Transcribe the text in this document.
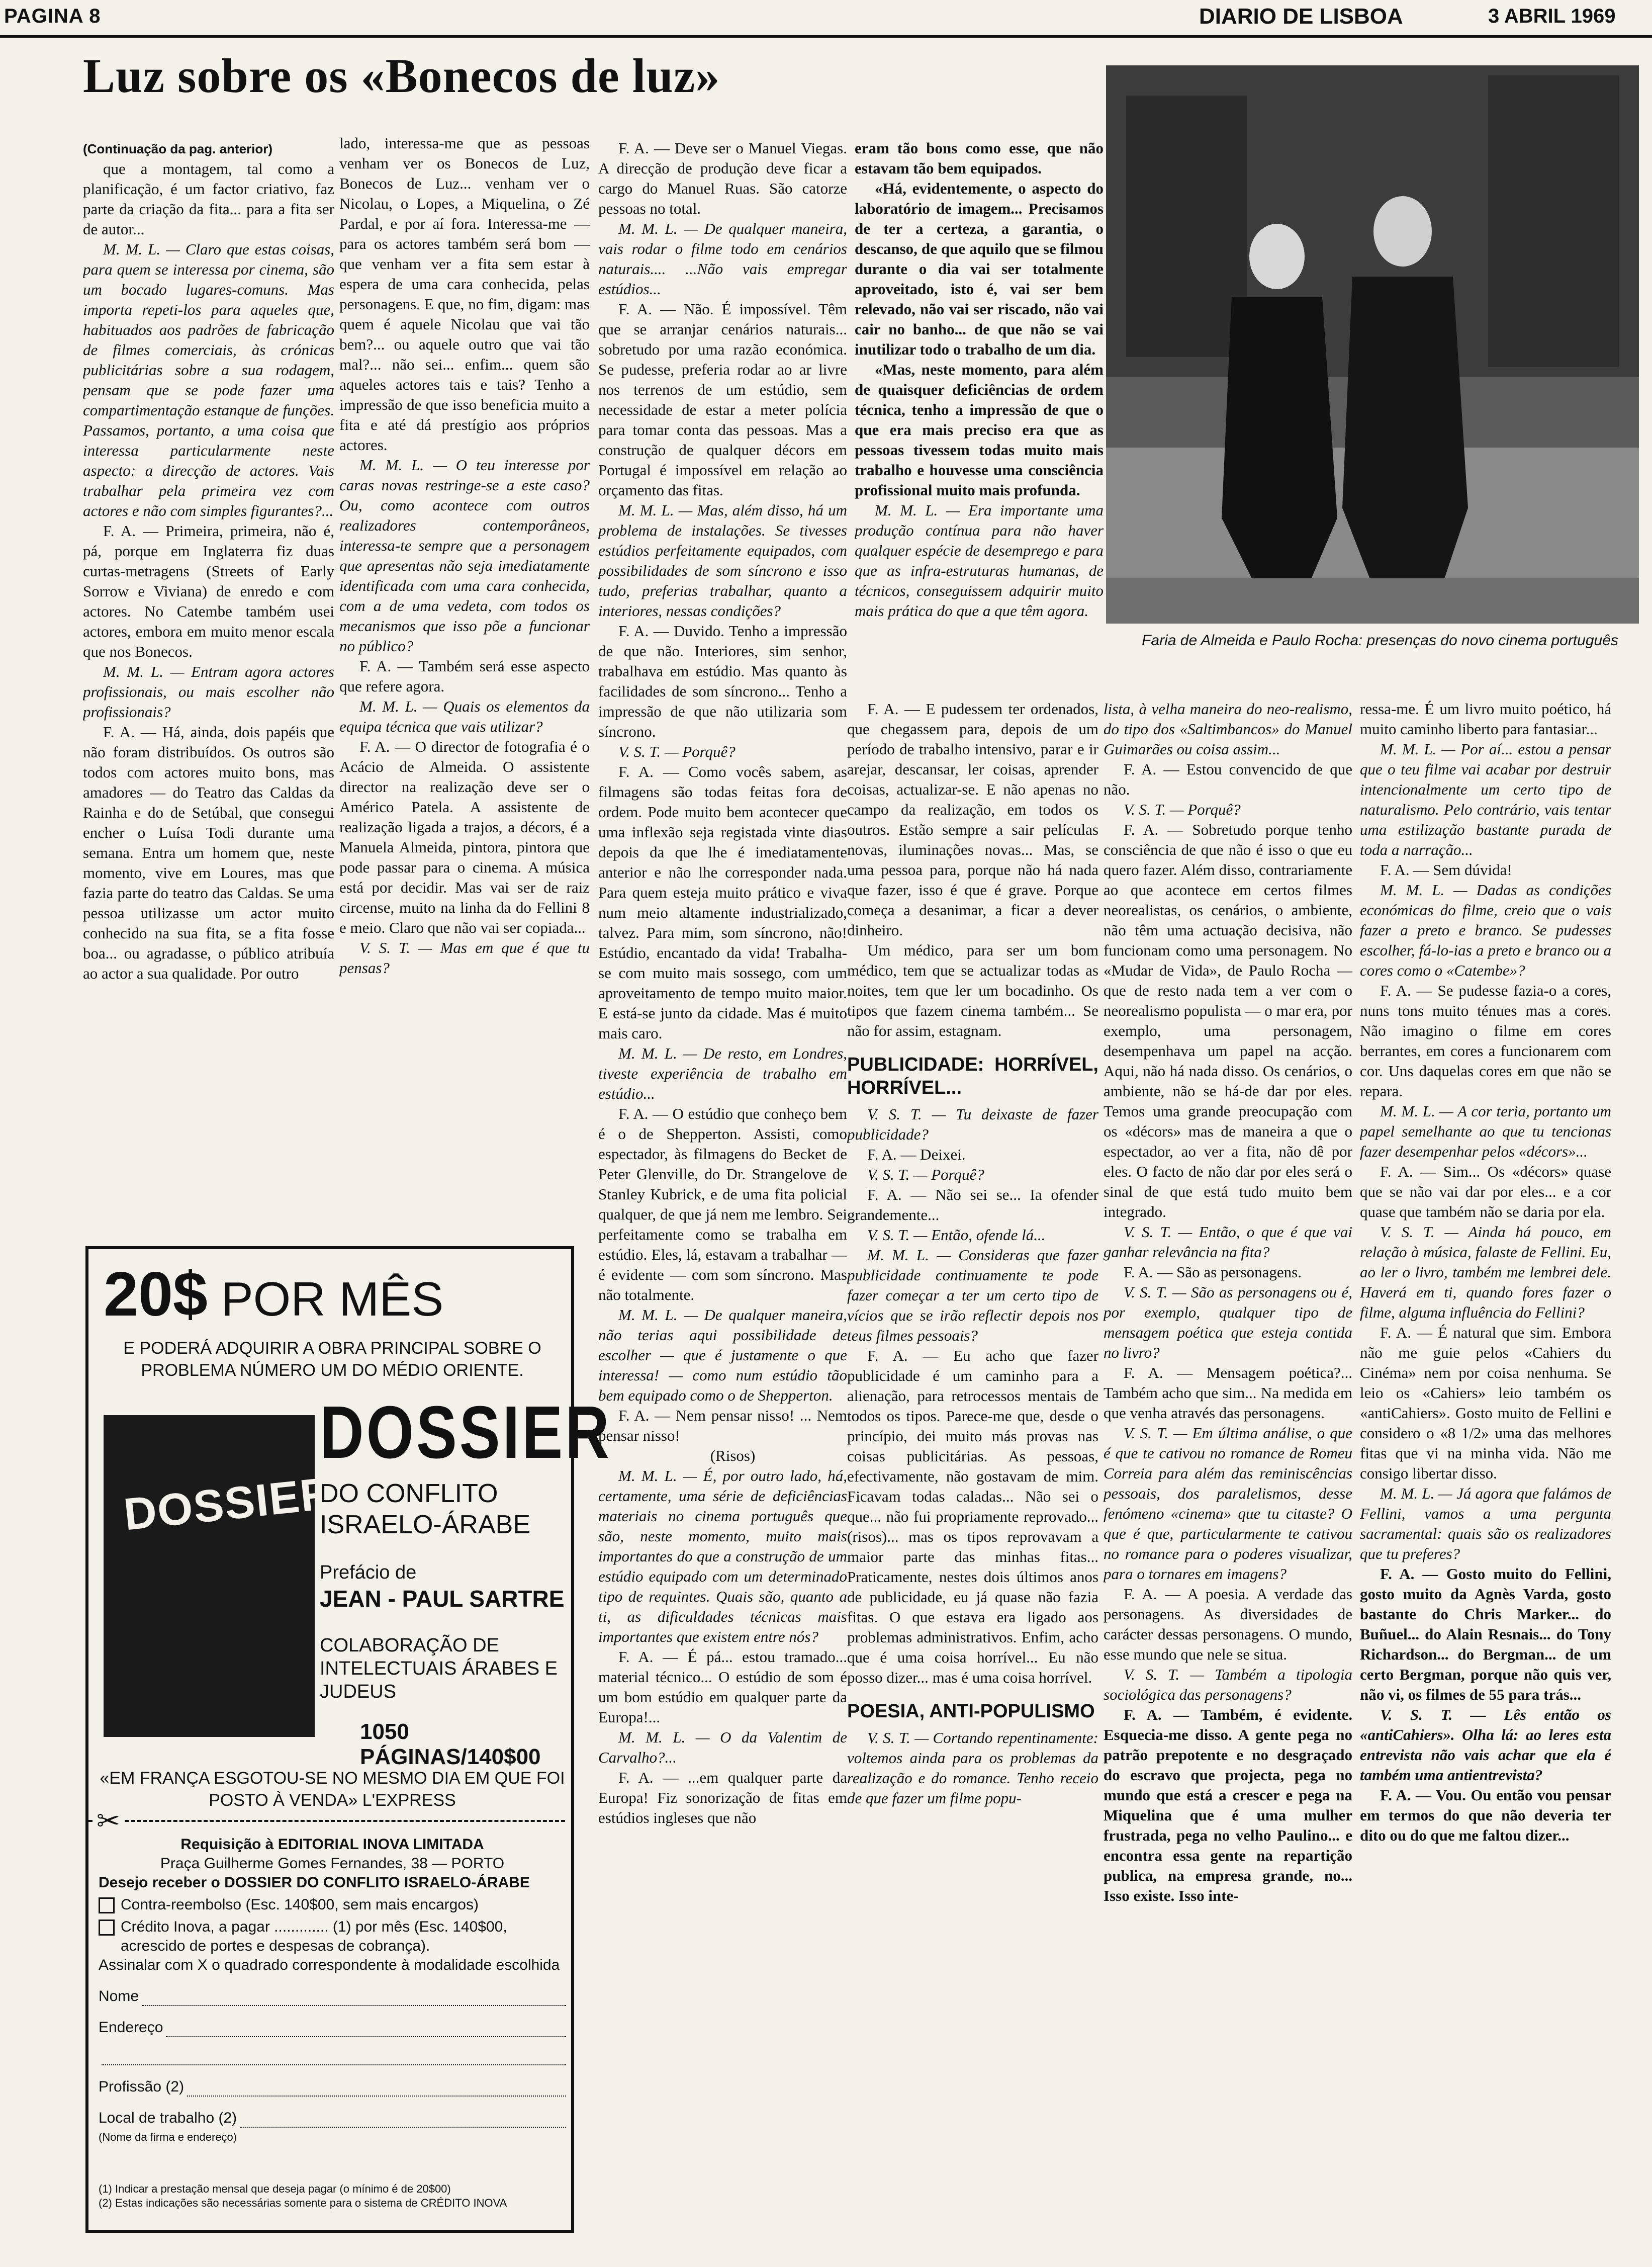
PAGINA 8	DIARIO DE LISBOA	3 ABRIL 1969
Luz sobre os «Bonecos de luz»

(Continuação da pag. anterior)

que a montagem, tal como a planificação, é um factor criativo, faz parte da criação da fita... para a fita ser de autor...

M. M. L. — Claro que estas coisas, para quem se interessa por cinema, são um bocado lugares-comuns. Mas importa repeti-los para aqueles que, habituados aos padrões de fabricação de filmes comerciais, às crónicas publicitárias sobre a sua rodagem, pensam que se pode fazer uma compartimentação estanque de funções. Passamos, portanto, a uma coisa que interessa particularmente neste aspecto: a direcção de actores. Vais trabalhar pela primeira vez com actores e não com simples figurantes?...

F. A. — Primeira, primeira, não é, pá, porque em Inglaterra fiz duas curtas-metragens (Streets of Early Sorrow e Viviana) de enredo e com actores. No Catembe também usei actores, embora em muito menor escala que nos Bonecos.

M. M. L. — Entram agora actores profissionais, ou mais escolher não profissionais?

F. A. — Há, ainda, dois papéis que não foram distribuídos. Os outros são todos com actores muito bons, mas amadores — do Teatro das Caldas da Rainha e do de Setúbal, que consegui encher o Luísa Todi durante uma semana. Entra um homem que, neste momento, vive em Loures, mas que fazia parte do teatro das Caldas. Se uma pessoa utilizasse um actor muito conhecido na sua fita, se a fita fosse boa... ou agradasse, o público atribuía ao actor a sua qualidade. Por outro

lado, interessa-me que as pessoas venham ver os Bonecos de Luz, Bonecos de Luz... venham ver o Nicolau, o Lopes, a Miquelina, o Zé Pardal, e por aí fora. Interessa-me — para os actores também será bom — que venham ver a fita sem estar à espera de uma cara conhecida, pelas personagens. E que, no fim, digam: mas quem é aquele Nicolau que vai tão bem?... ou aquele outro que vai tão mal?... não sei... enfim... quem são aqueles actores tais e tais? Tenho a impressão de que isso beneficia muito a fita e até dá prestígio aos próprios actores.

M. M. L. — O teu interesse por caras novas restringe-se a este caso? Ou, como acontece com outros realizadores contemporâneos, interessa-te sempre que a personagem que apresentas não seja imediatamente identificada com uma cara conhecida, com a de uma vedeta, com todos os mecanismos que isso põe a funcionar no público?

F. A. — Também será esse aspecto que refere agora.

M. M. L. — Quais os elementos da equipa técnica que vais utilizar?

F. A. — O director de fotografia é o Acácio de Almeida. O assistente director na realização deve ser o Américo Patela. A assistente de realização ligada a trajos, a décors, é a Manuela Almeida, pintora, pintora que pode passar para o cinema. A música está por decidir. Mas vai ser de raiz circense, muito na linha da do Fellini 8 e meio. Claro que não vai ser copiada...

V. S. T. — Mas em que é que tu pensas?

F. A. — Deve ser o Manuel Viegas. A direcção de produção deve ficar a cargo do Manuel Ruas. São catorze pessoas no total.

M. M. L. — De qualquer maneira, vais rodar o filme todo em cenários naturais.... ...Não vais empregar estúdios...

F. A. — Não. É impossível. Têm que se arranjar cenários naturais... sobretudo por uma razão económica. Se pudesse, preferia rodar ao ar livre nos terrenos de um estúdio, sem necessidade de estar a meter polícia para tomar conta das pessoas. Mas a construção de qualquer décors em Portugal é impossível em relação ao orçamento das fitas.

M. M. L. — Mas, além disso, há um problema de instalações. Se tivesses estúdios perfeitamente equipados, com possibilidades de som síncrono e isso tudo, preferias trabalhar, quanto a interiores, nessas condições?

F. A. — Duvido. Tenho a impressão de que não. Interiores, sim senhor, trabalhava em estúdio. Mas quanto às facilidades de som síncrono... Tenho a impressão de que não utilizaria som síncrono.

V. S. T. — Porquê?

F. A. — Como vocês sabem, as filmagens são todas feitas fora de ordem. Pode muito bem acontecer que uma inflexão seja registada vinte dias depois da que lhe é imediatamente anterior e não lhe corresponder nada. Para quem esteja muito prático e viva num meio altamente industrializado, talvez. Para mim, som síncrono, não! Estúdio, encantado da vida! Trabalha-se com muito mais sossego, com um aproveitamento de tempo muito maior. E está-se junto da cidade. Mas é muito mais caro.

M. M. L. — De resto, em Londres, tiveste experiência de trabalho em estúdio...

F. A. — O estúdio que conheço bem é o de Shepperton. Assisti, como espectador, às filmagens do Becket de Peter Glenville, do Dr. Strangelove de Stanley Kubrick, e de uma fita policial qualquer, de que já nem me lembro. Sei perfeitamente como se trabalha em estúdio. Eles, lá, estavam a trabalhar — é evidente — com som síncrono. Mas não totalmente.

M. M. L. — De qualquer maneira, não terias aqui possibilidade de escolher — que é justamente o que interessa! — como num estúdio tão bem equipado como o de Shepperton.

F. A. — Nem pensar nisso! ... Nem pensar nisso!

(Risos)

M. M. L. — É, por outro lado, há, certamente, uma série de deficiências materiais no cinema português que são, neste momento, muito mais importantes do que a construção de um estúdio equipado com um determinado tipo de requintes. Quais são, quanto a ti, as dificuldades técnicas mais importantes que existem entre nós?

F. A. — É pá... estou tramado... material técnico... O estúdio de som é um bom estúdio em qualquer parte da Europa!...

M. M. L. — O da Valentim de Carvalho?...

F. A. — ...em qualquer parte da Europa! Fiz sonorização de fitas em estúdios ingleses que não

eram tão bons como esse, que não estavam tão bem equipados.

«Há, evidentemente, o aspecto do laboratório de imagem... Precisamos de ter a certeza, a garantia, o descanso, de que aquilo que se filmou durante o dia vai ser totalmente aproveitado, isto é, vai ser bem relevado, não vai ser riscado, não vai cair no banho... de que não se vai inutilizar todo o trabalho de um dia.

«Mas, neste momento, para além de quaisquer deficiências de ordem técnica, tenho a impressão de que o que era mais preciso era que as pessoas tivessem todas muito mais trabalho e houvesse uma consciência profissional muito mais profunda.

M. M. L. — Era importante uma produção contínua para não haver qualquer espécie de desemprego e para que as infra-estruturas humanas, de técnicos, conseguissem adquirir muito mais prática do que a que têm agora.

Faria de Almeida e Paulo Rocha: presenças do novo cinema português

F. A. — E pudessem ter ordenados, que chegassem para, depois de um período de trabalho intensivo, parar e ir arejar, descansar, ler coisas, aprender coisas, actualizar-se. E não apenas no campo da realização, em todos os outros. Estão sempre a sair películas novas, iluminações novas... Mas, se uma pessoa para, porque não há nada que fazer, isso é que é grave. Porque começa a desanimar, a ficar a dever dinheiro.

Um médico, para ser um bom médico, tem que se actualizar todas as noites, tem que ler um bocadinho. Os tipos que fazem cinema também... Se não for assim, estagnam.

PUBLICIDADE: HORRÍVEL, HORRÍVEL...

V. S. T. — Tu deixaste de fazer publicidade?

F. A. — Deixei.

V. S. T. — Porquê?

F. A. — Não sei se... Ia ofender grandemente...

V. S. T. — Então, ofende lá...

M. M. L. — Consideras que fazer publicidade continuamente te pode fazer começar a ter um certo tipo de vícios que se irão reflectir depois nos teus filmes pessoais?

F. A. — Eu acho que fazer publicidade é um caminho para a alienação, para retrocessos mentais de todos os tipos. Parece-me que, desde o princípio, dei muito más provas nas coisas publicitárias. As pessoas, efectivamente, não gostavam de mim. Ficavam todas caladas... Não sei o que... não fui propriamente reprovado... (risos)... mas os tipos reprovavam a maior parte das minhas fitas... Praticamente, nestes dois últimos anos de publicidade, eu já quase não fazia fitas. O que estava era ligado aos problemas administrativos. Enfim, acho que é uma coisa horrível... Eu não posso dizer... mas é uma coisa horrível.

POESIA, ANTI-POPULISMO

V. S. T. — Cortando repentinamente: voltemos ainda para os problemas da realização e do romance. Tenho receio de que fazer um filme popu-

lista, à velha maneira do neo-realismo, do tipo dos «Saltimbancos» do Manuel Guimarães ou coisa assim...

F. A. — Estou convencido de que não.

V. S. T. — Porquê?

F. A. — Sobretudo porque tenho consciência de que não é isso o que eu quero fazer. Além disso, contrariamente ao que acontece em certos filmes neorealistas, os cenários, o ambiente, não têm uma actuação decisiva, não funcionam como uma personagem. No «Mudar de Vida», de Paulo Rocha — que de resto nada tem a ver com o neorealismo populista — o mar era, por exemplo, uma personagem, desempenhava um papel na acção. Aqui, não há nada disso. Os cenários, o ambiente, não se há-de dar por eles. Temos uma grande preocupação com os «décors» mas de maneira a que o espectador, ao ver a fita, não dê por eles. O facto de não dar por eles será o sinal de que está tudo muito bem integrado.

V. S. T. — Então, o que é que vai ganhar relevância na fita?

F. A. — São as personagens.

V. S. T. — São as personagens ou é, por exemplo, qualquer tipo de mensagem poética que esteja contida no livro?

F. A. — Mensagem poética?... Também acho que sim... Na medida em que venha através das personagens.

V. S. T. — Em última análise, o que é que te cativou no romance de Romeu Correia para além das reminiscências pessoais, dos paralelismos, desse fenómeno «cinema» que tu citaste? O que é que, particularmente te cativou no romance para o poderes visualizar, para o tornares em imagens?

F. A. — A poesia. A verdade das personagens. As diversidades de carácter dessas personagens. O mundo, esse mundo que nele se situa.

V. S. T. — Também a tipologia sociológica das personagens?

F. A. — Também, é evidente. Esquecia-me disso. A gente pega no patrão prepotente e no desgraçado do escravo que projecta, pega no mundo que está a crescer e pega na Miquelina que é uma mulher frustrada, pega no velho Paulino... e encontra essa gente na repartição publica, na empresa grande, no... Isso existe. Isso inte-

ressa-me. É um livro muito poético, há muito caminho liberto para fantasiar...

M. M. L. — Por aí... estou a pensar que o teu filme vai acabar por destruir intencionalmente um certo tipo de naturalismo. Pelo contrário, vais tentar uma estilização bastante purada de toda a narração...

F. A. — Sem dúvida!

M. M. L. — Dadas as condições económicas do filme, creio que o vais fazer a preto e branco. Se pudesses escolher, fá-lo-ias a preto e branco ou a cores como o «Catembe»?

F. A. — Se pudesse fazia-o a cores, nuns tons muito ténues mas a cores. Não imagino o filme em cores berrantes, em cores a funcionarem com cor. Uns daquelas cores em que não se repara.

M. M. L. — A cor teria, portanto um papel semelhante ao que tu tencionas fazer desempenhar pelos «décors»...

F. A. — Sim... Os «décors» quase que se não vai dar por eles... e a cor quase que também não se daria por ela.

V. S. T. — Ainda há pouco, em relação à música, falaste de Fellini. Eu, ao ler o livro, também me lembrei dele. Haverá em ti, quando fores fazer o filme, alguma influência do Fellini?

F. A. — É natural que sim. Embora não me guie pelos «Cahiers du Cinéma» nem por coisa nenhuma. Se leio os «Cahiers» leio também os «antiCahiers». Gosto muito de Fellini e considero o «8 1/2» uma das melhores fitas que vi na minha vida. Não me consigo libertar disso.

M. M. L. — Já agora que falámos de Fellini, vamos a uma pergunta sacramental: quais são os realizadores que tu preferes?

F. A. — Gosto muito do Fellini, gosto muito da Agnès Varda, gosto bastante do Chris Marker... do Buñuel... do Alain Resnais... do Tony Richardson... do Bergman... de um certo Bergman, porque não quis ver, não vi, os filmes de 55 para trás...

V. S. T. — Lês então os «antiCahiers». Olha lá: ao leres esta entrevista não vais achar que ela é também uma antientrevista?

F. A. — Vou. Ou então vou pensar em termos do que não deveria ter dito ou do que me faltou dizer...

20$ POR MÊS
E PODERÁ ADQUIRIR A OBRA PRINCIPAL SOBRE O PROBLEMA NÚMERO UM DO MÉDIO ORIENTE.
DOSSIER
DOSSIER
DO CONFLITO ISRAELO-ÁRABE
Prefácio de
JEAN - PAUL SARTRE
COLABORAÇÃO DE INTELECTUAIS ÁRABES E JUDEUS
1050 PÁGINAS/140$00
«EM FRANÇA ESGOTOU-SE NO MESMO DIA EM QUE FOI POSTO À VENDA» L'EXPRESS
✂
Requisição à EDITORIAL INOVA LIMITADA
Praça Guilherme Gomes Fernandes, 38 — PORTO
Desejo receber o DOSSIER DO CONFLITO ISRAELO-ÁRABE
Contra-reembolso (Esc. 140$00, sem mais encargos)
Crédito Inova, a pagar ............. (1) por mês (Esc. 140$00, acrescido de portes e despesas de cobrança).
Assinalar com X o quadrado correspondente à modalidade escolhida
Nome
Endereço
Profissão (2)
Local de trabalho (2)
(Nome da firma e endereço)
(1) Indicar a prestação mensal que deseja pagar (o mínimo é de 20$00)
(2) Estas indicações são necessárias somente para o sistema de CRÉDITO INOVA
